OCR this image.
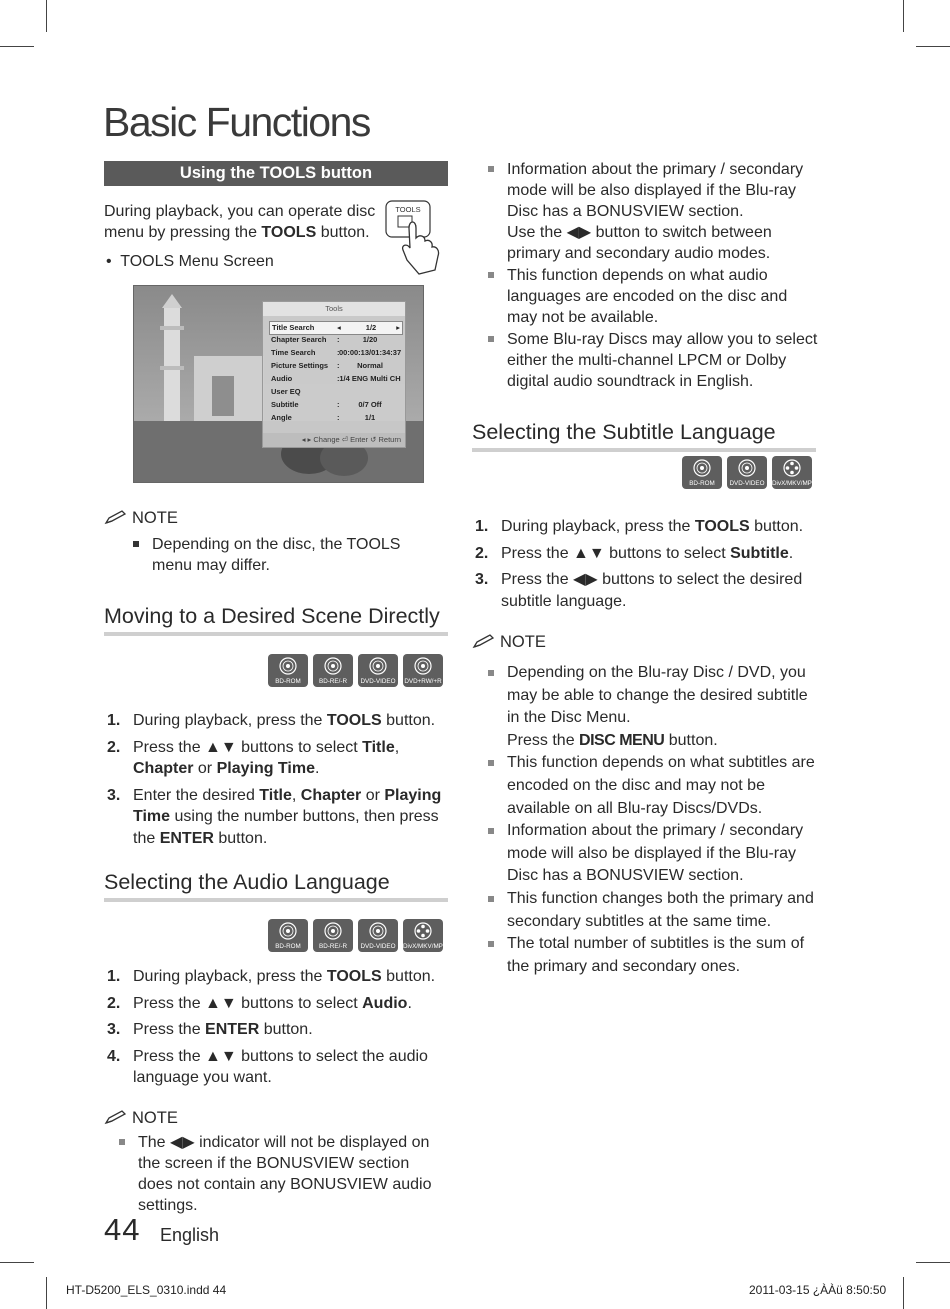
Basic Functions
Using the TOOLS button
During playback, you can operate disc menu by pressing the TOOLS button.
TOOLS
•  TOOLS Menu Screen
Tools
Title Search	◂	1/2	▸
Chapter Search :	1/20
Time Search	: 00:00:13/01:34:37
Picture Settings :	Normal
Audio	: 1/4 ENG Multi CH
User EQ
Subtitle	:	0/7 Off
Angle	:	1/1
◂ ▸ Change ⏎ Enter ↺ Return
NOTE
Depending on the disc, the TOOLS menu may differ.
Moving to a Desired Scene Directly
BD-ROM	BD-RE/-R	DVD-VIDEO	DVD+RW/+R
1. During playback, press the TOOLS button.
2. Press the ▲▼ buttons to select Title,
Chapter or Playing Time.
3. Enter the desired Title, Chapter or Playing
Time using the number buttons, then press the ENTER button.
Selecting the Audio Language
BD-ROM	BD-RE/-R	DVD-VIDEO	DivX/MKV/MP4
1. During playback, press the TOOLS button.
2. Press the ▲▼ buttons to select Audio.
3. Press the ENTER button.
4. Press the ▲▼ buttons to select the audio language you want.
NOTE
The ◀▶ indicator will not be displayed on the screen if the BONUSVIEW section does not contain any BONUSVIEW audio settings.
Information about the primary / secondary mode will be also displayed if the Blu-ray Disc has a BONUSVIEW section.
Use the ◀▶ button to switch between primary and secondary audio modes.
This function depends on what audio languages are encoded on the disc and may not be available.
Some Blu-ray Discs may allow you to select either the multi-channel LPCM or Dolby digital audio soundtrack in English.
Selecting the Subtitle Language
BD-ROM	DVD-VIDEO	DivX/MKV/MP4
1. During playback, press the TOOLS button.
2. Press the ▲▼ buttons to select Subtitle.
3. Press the ◀▶ buttons to select the desired subtitle language.
NOTE
Depending on the Blu-ray Disc / DVD, you may be able to change the desired subtitle in the Disc Menu.
Press the DISC MENU button.
This function depends on what subtitles are encoded on the disc and may not be available on all Blu-ray Discs/DVDs.
Information about the primary / secondary mode will also be displayed if the Blu-ray Disc has a BONUSVIEW section.
This function changes both the primary and secondary subtitles at the same time.
The total number of subtitles is the sum of the primary and secondary ones.
44 English
HT-D5200_ELS_0310.indd 44	2011-03-15 ¿ÀÀü 8:50:50
